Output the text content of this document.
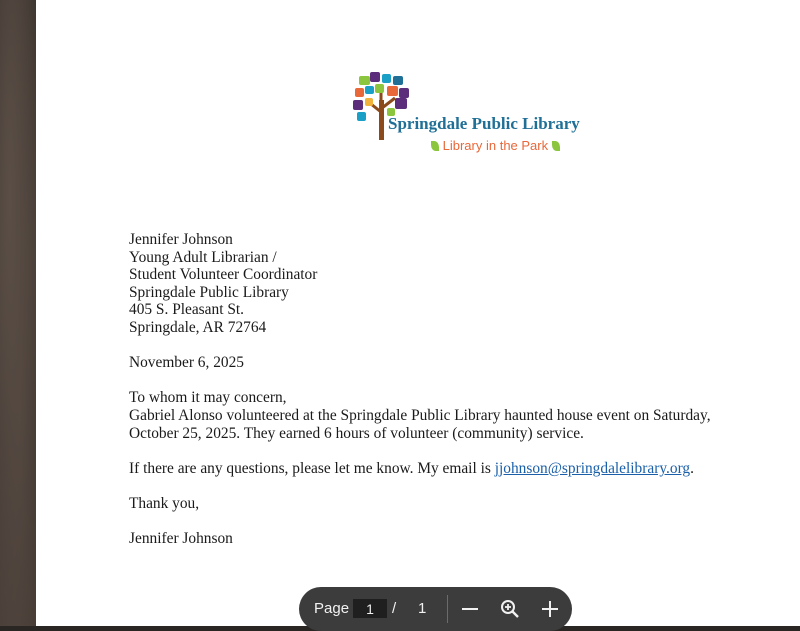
Springdale Public Library
Library in the Park

Jennifer Johnson

Young Adult Librarian /

Student Volunteer Coordinator

Springdale Public Library

405 S. Pleasant St.

Springdale, AR 72764

November 6, 2025

To whom it may concern,

Gabriel Alonso volunteered at the Springdale Public Library haunted house event on Saturday, October 25, 2025. They earned 6 hours of volunteer (community) service.

If there are any questions, please let me know. My email is jjohnson@springdalelibrary.org.

Thank you,

Jennifer Johnson

Page
1	/ 1
